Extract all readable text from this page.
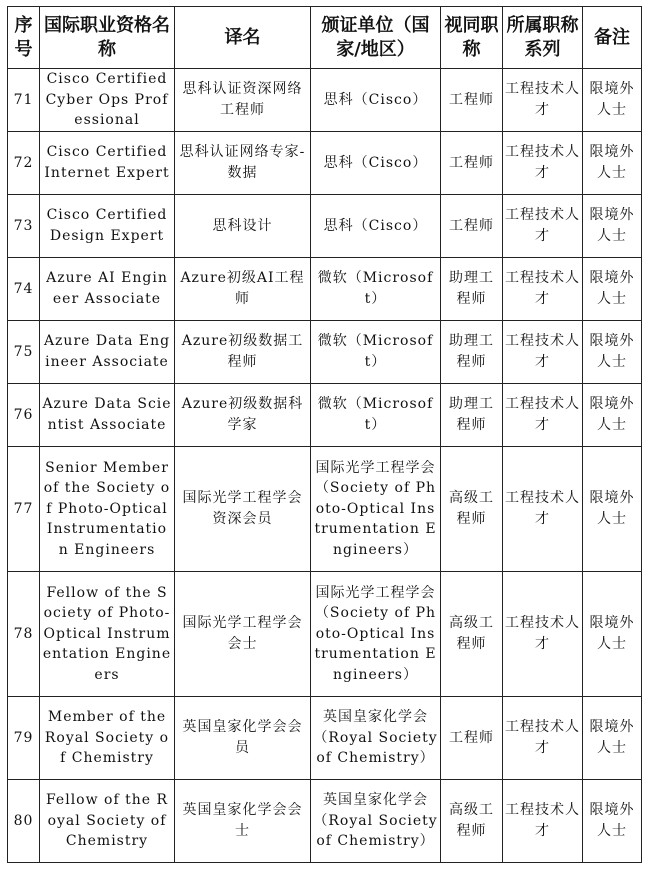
序号	国际职业资格名称	译名	颁证单位（国家/地区）	视同职称	所属职称系列	备注
71	Cisco Certified Cyber Ops Professional	思科认证资深网络工程师	思科（Cisco）	工程师	工程技术人才	限境外人士
72	Cisco Certified Internet Expert	思科认证网络专家-数据	思科（Cisco）	工程师	工程技术人才	限境外人士
73	Cisco Certified Design Expert	思科设计	思科（Cisco）	工程师	工程技术人才	限境外人士
74	Azure AI Engineer Associate	Azure初级AI工程师	微软（Microsoft）	助理工程师	工程技术人才	限境外人士
75	Azure Data Engineer Associate	Azure初级数据工程师	微软（Microsoft）	助理工程师	工程技术人才	限境外人士
76	Azure Data Scientist Associate	Azure初级数据科学家	微软（Microsoft）	助理工程师	工程技术人才	限境外人士
77	Senior Member of the Society of Photo-Optical Instrumentation Engineers	国际光学工程学会资深会员	国际光学工程学会（Society of Photo-Optical Instrumentation Engineers）	高级工程师	工程技术人才	限境外人士
78	Fellow of the Society of Photo-Optical Instrumentation Engineers	国际光学工程学会会士	国际光学工程学会（Society of Photo-Optical Instrumentation Engineers）	高级工程师	工程技术人才	限境外人士
79	Member of the Royal Society of Chemistry	英国皇家化学会会员	英国皇家化学会（Royal Society of Chemistry）	工程师	工程技术人才	限境外人士
80	Fellow of the Royal Society of Chemistry	英国皇家化学会会士	英国皇家化学会（Royal Society of Chemistry）	高级工程师	工程技术人才	限境外人士
